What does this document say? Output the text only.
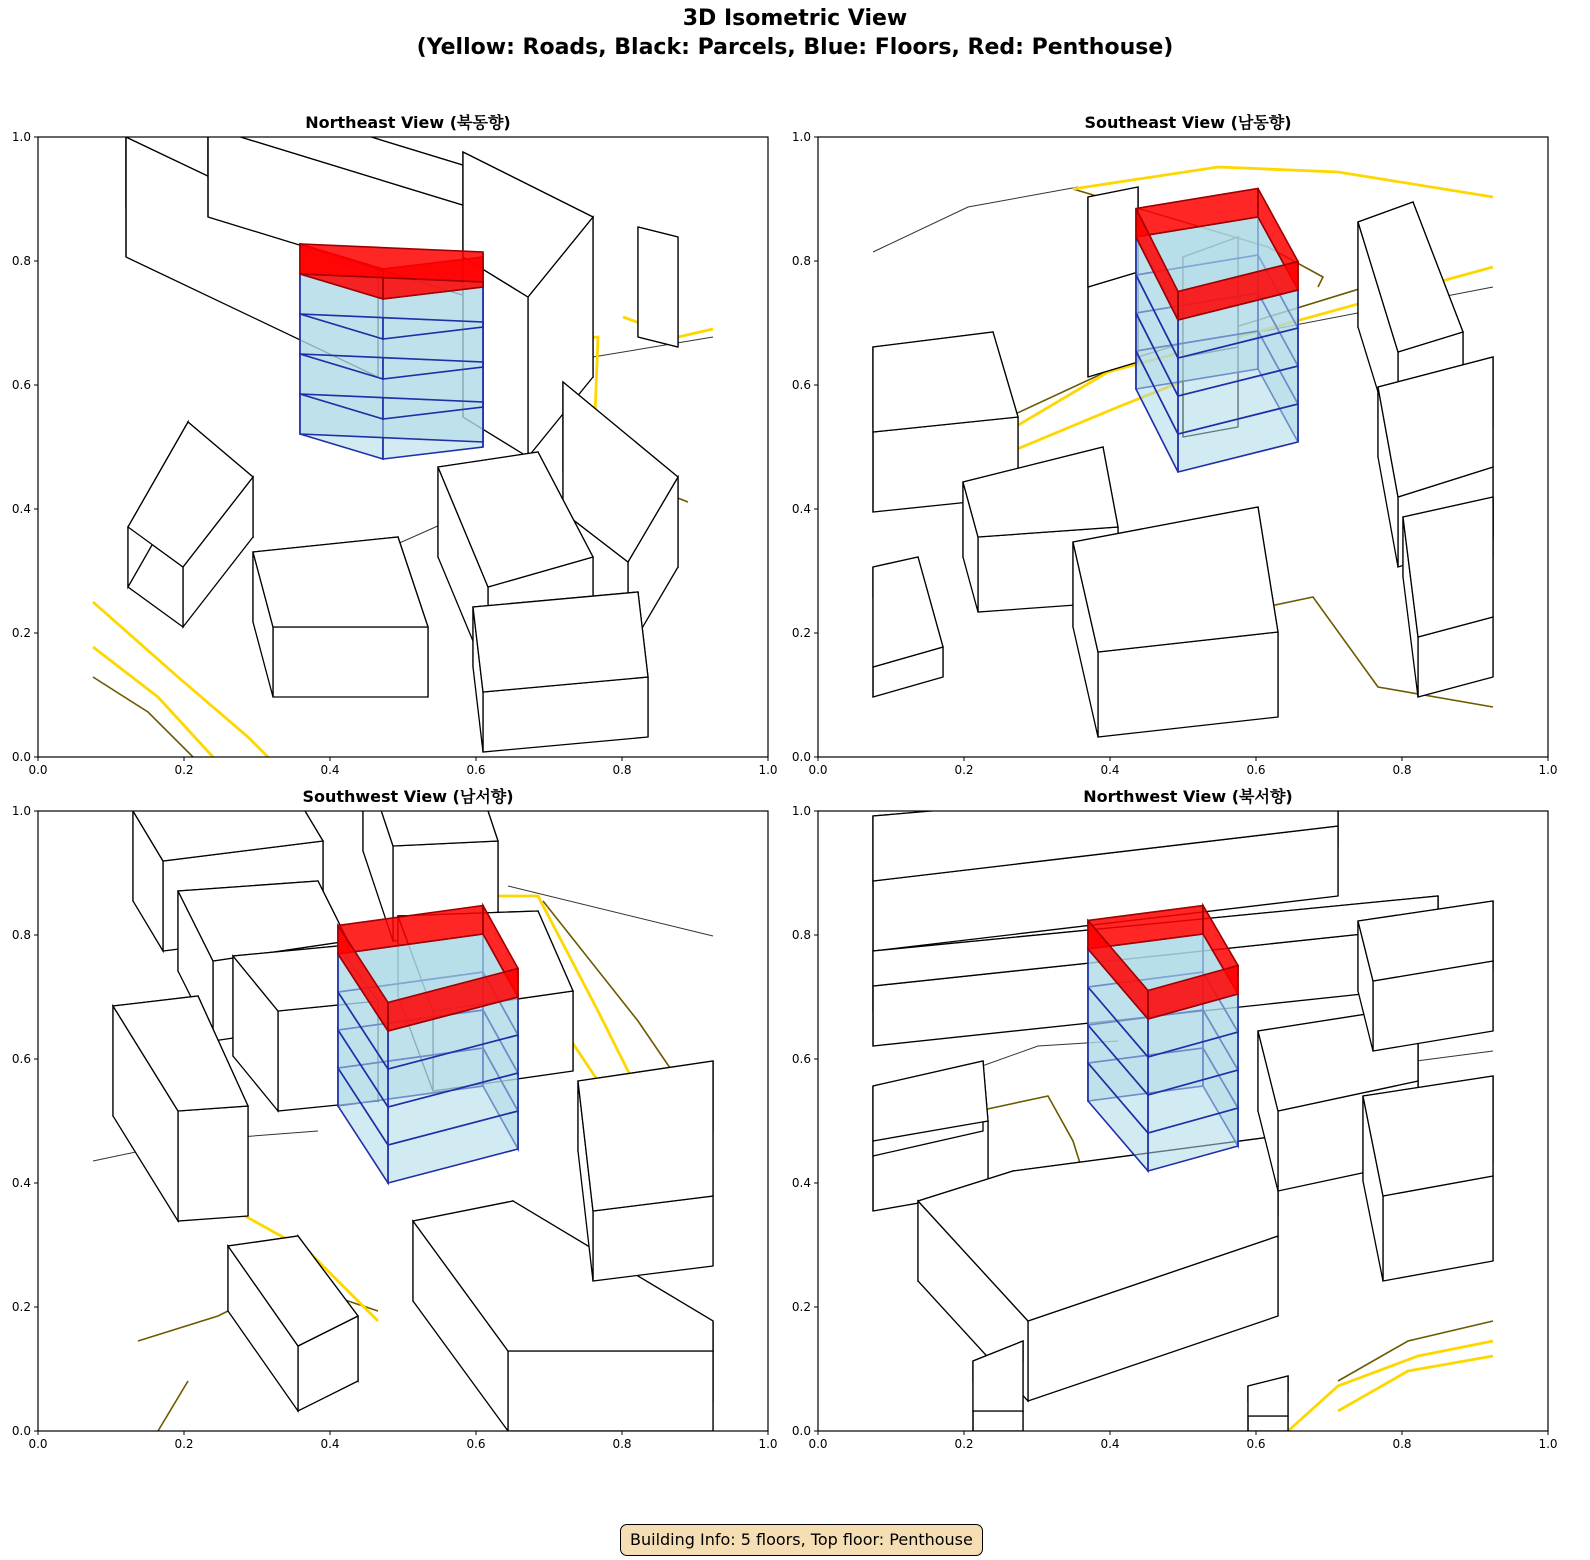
3D Isometric View
(Yellow: Roads, Black: Parcels, Blue: Floors, Red: Penthouse)
Northeast View (북동향)	Southeast View (남동향)
Southwest View (남서향)	Northwest View (북서향)
0.0
0.0
0.2
0.2
0.4
0.4
0.6
0.6
0.8
0.8
1.0
1.0
0.0
0.0
0.2
0.2
0.4
0.4
0.6
0.6
0.8
0.8
1.0
1.0
0.0
0.0
0.2
0.2
0.4
0.4
0.6
0.6
0.8
0.8
1.0
1.0
0.0
0.0
0.2
0.2
0.4
0.4
0.6
0.6
0.8
0.8
1.0
1.0
Building Info: 5 floors, Top floor: Penthouse
